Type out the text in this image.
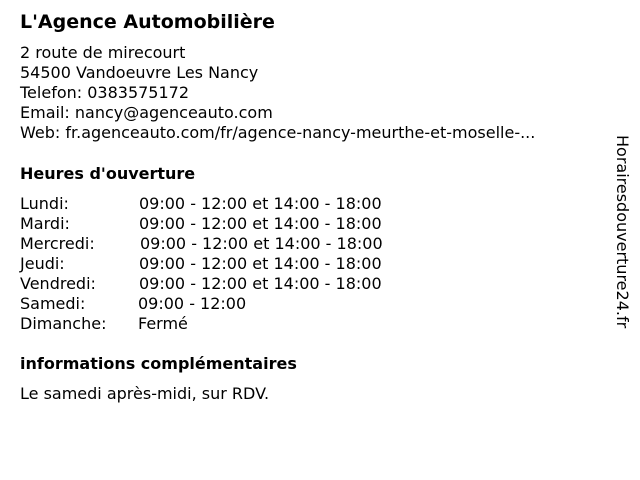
L'Agence Automobilière
2 route de mirecourt
54500 Vandoeuvre Les Nancy
Telefon: 0383575172
Email: nancy@agenceauto.com
Web: fr.agenceauto.com/fr/agence-nancy-meurthe-et-moselle-...
Heures d'ouverture
Lundi:	09:00 - 12:00 et 14:00 - 18:00
Mardi:	09:00 - 12:00 et 14:00 - 18:00
Mercredi:	09:00 - 12:00 et 14:00 - 18:00
Jeudi:	09:00 - 12:00 et 14:00 - 18:00
Vendredi:	09:00 - 12:00 et 14:00 - 18:00
Samedi:	09:00 - 12:00
Dimanche: Fermé
informations complémentaires
Le samedi après-midi, sur RDV.
Horairesdouverture24.fr
